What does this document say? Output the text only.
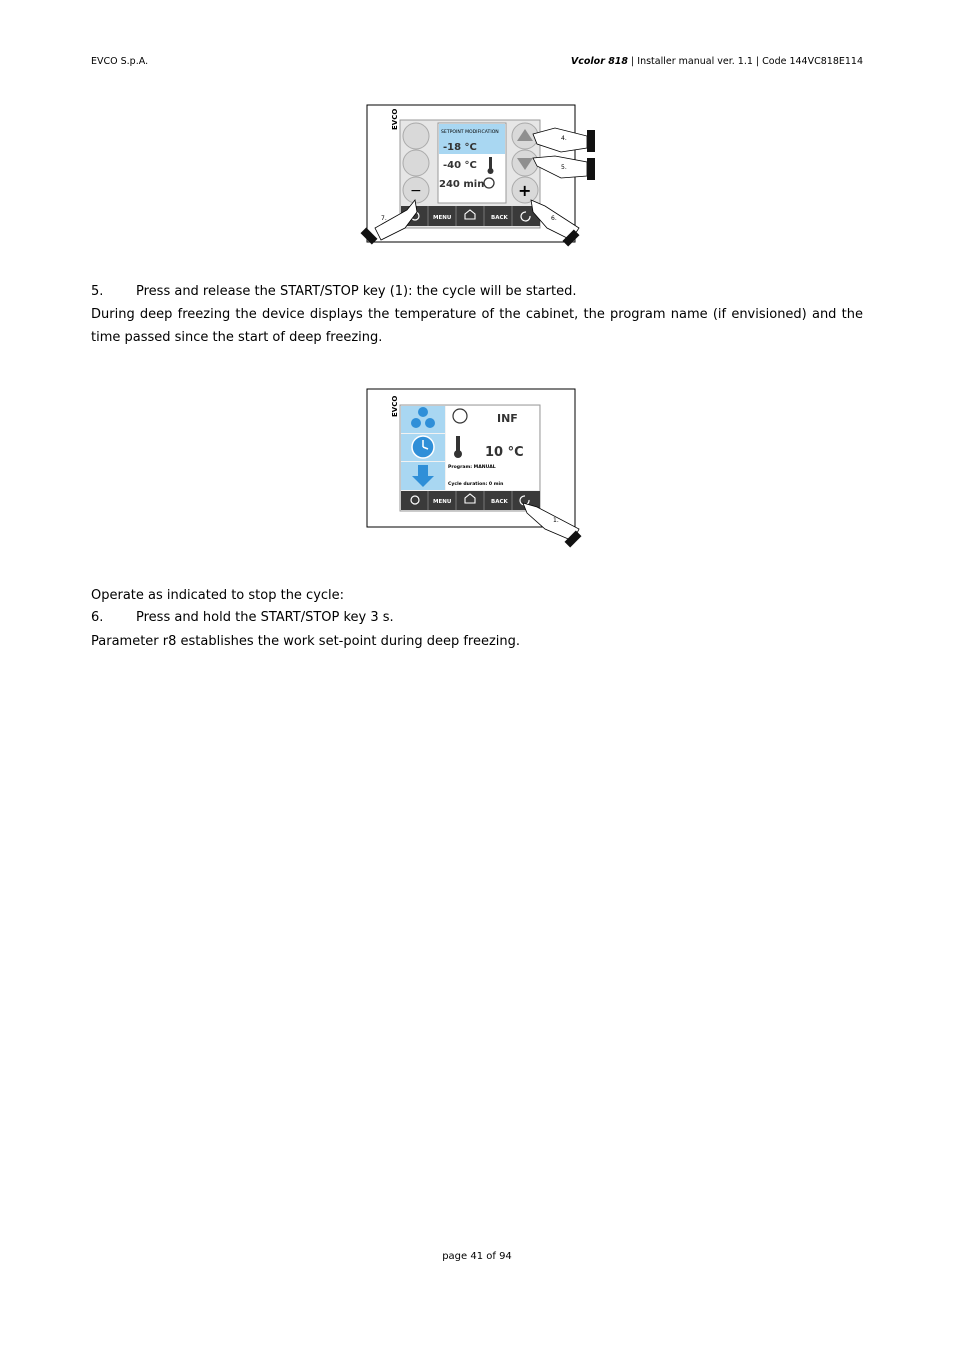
EVCO S.p.A.	Vcolor 818 | Installer manual ver. 1.1 | Code 144VC818E114
EVCO
−	+
SETPOINT MODIFICATION
-18 °C
-40 °C
240 min
MENU	BACK
4.
5.
6.
7.
5.	Press and release the START/STOP key (1): the cycle will be started.
During deep freezing the device displays the temperature of the cabinet, the program name (if envisioned) and the time passed since the start of deep freezing.
EVCO
INF
10 °C
Program: MANUAL
Cycle duration: 0 min
MENU	BACK
1.
Operate as indicated to stop the cycle:
6.	Press and hold the START/STOP key 3 s.
Parameter r8 establishes the work set-point during deep freezing.
page 41 of 94
